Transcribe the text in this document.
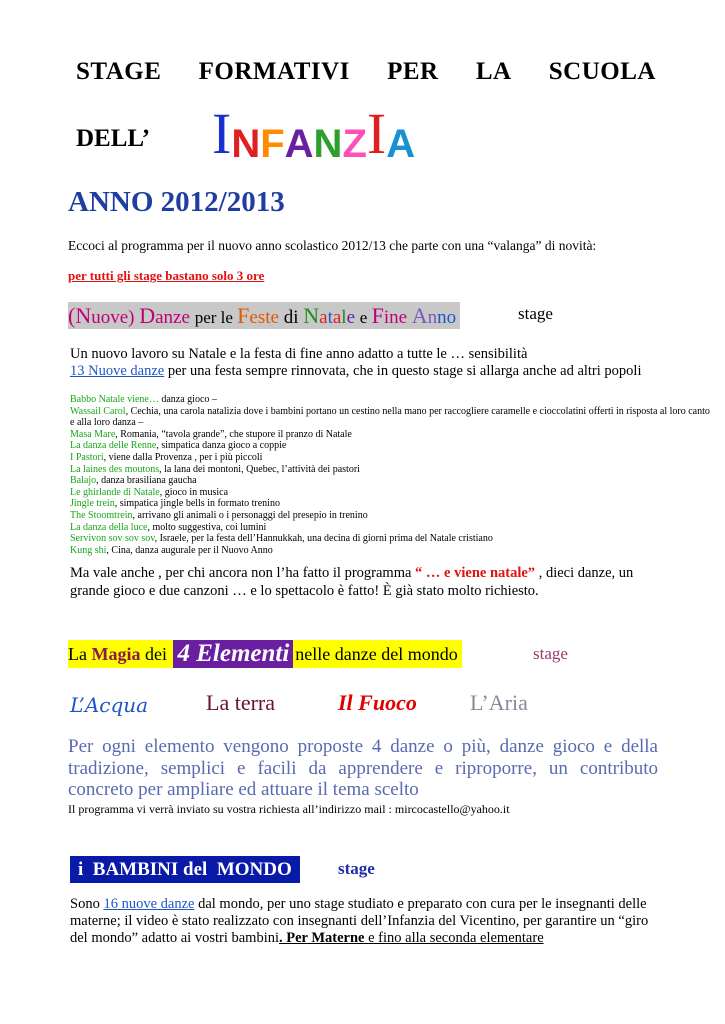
STAGE FORMATIVI PER LA SCUOLA
DELL’ I N F A N Z I A
ANNO 2012/2013
Eccoci al programma per il nuovo anno scolastico 2012/13 che parte con una “valanga” di novità:
per tutti gli stage bastano solo 3 ore
(Nuove) Danze per le Feste di Natale e Fine Anno	stage
Un nuovo lavoro su Natale e la festa di fine anno adatto a tutte le … sensibilità
13 Nuove danze per una festa sempre rinnovata, che in questo stage si allarga anche ad altri popoli
Babbo Natale viene… danza gioco –
Wassail Carol, Cechia, una carola natalizia dove i bambini portano un cestino nella mano per raccogliere caramelle e cioccolatini offerti in risposta al loro canto e alla loro danza –
Masa Mare, Romania, “tavola grande”, che stupore il pranzo di Natale
La danza delle Renne, simpatica danza gioco a coppie
I Pastori, viene dalla Provenza , per i più piccoli
La laines des moutons, la lana dei montoni, Quebec, l’attività dei pastori
Balajo, danza brasiliana gaucha
Le ghirlande di Natale, gioco in musica
Jingle trein, simpatica jingle bells in formato trenino
The Stoomtrein, arrivano gli animali o i personaggi del presepio in trenino
La danza della luce, molto suggestiva, coi lumini
Servivon sov sov sov, Israele, per la festa dell’Hannukkah, una decina di giorni prima del Natale cristiano
Kung shi, Cina, danza augurale per il Nuovo Anno
Ma vale anche , per chi ancora non l’ha fatto il programma “ … e viene natale” , dieci danze, un grande gioco e due canzoni … e lo spettacolo è fatto! È già stato molto richiesto.
La Magia dei 4 Elementi nelle danze del mondo	stage
L’Acqua	La terra	Il Fuoco L’Aria
Per ogni elemento vengono proposte 4 danze o più, danze gioco e della tradizione, semplici e facili da apprendere e riproporre, un contributo concreto per ampliare ed attuare il tema scelto
Il programma vi verrà inviato su vostra richiesta all’indirizzo mail : mircocastello@yahoo.it
i  BAMBINI del  MONDO	stage
Sono 16 nuove danze dal mondo, per uno stage studiato e preparato con cura per le insegnanti delle materne; il video è stato realizzato con insegnanti dell’Infanzia del Vicentino, per garantire un “giro del mondo” adatto ai vostri bambini. Per Materne e fino alla seconda elementare
